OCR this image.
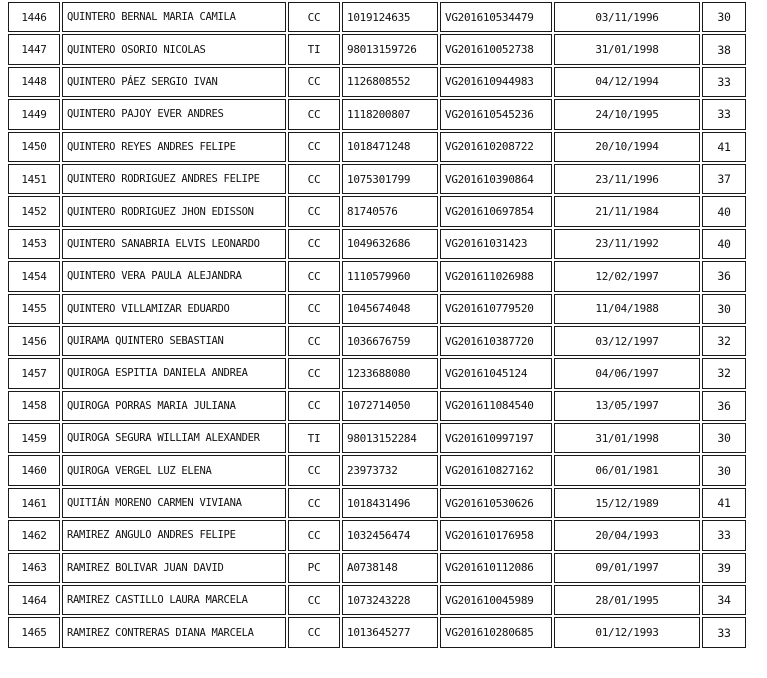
1446	QUINTERO BERNAL MARIA CAMILA	CC	1019124635	VG201610534479	03/11/1996	30
1447	QUINTERO OSORIO NICOLAS	TI	98013159726	VG201610052738	31/01/1998	38
1448	QUINTERO PÁEZ SERGIO IVAN	CC	1126808552	VG201610944983	04/12/1994	33
1449	QUINTERO PAJOY EVER ANDRES	CC	1118200807	VG201610545236	24/10/1995	33
1450	QUINTERO REYES ANDRES FELIPE	CC	1018471248	VG201610208722	20/10/1994	41
1451	QUINTERO RODRIGUEZ ANDRES FELIPE	CC	1075301799	VG201610390864	23/11/1996	37
1452	QUINTERO RODRIGUEZ JHON EDISSON	CC	81740576	VG201610697854	21/11/1984	40
1453	QUINTERO SANABRIA ELVIS LEONARDO	CC	1049632686	VG20161031423	23/11/1992	40
1454	QUINTERO VERA PAULA ALEJANDRA	CC	1110579960	VG201611026988	12/02/1997	36
1455	QUINTERO VILLAMIZAR EDUARDO	CC	1045674048	VG201610779520	11/04/1988	30
1456	QUIRAMA QUINTERO SEBASTIAN	CC	1036676759	VG201610387720	03/12/1997	32
1457	QUIROGA ESPITIA DANIELA ANDREA	CC	1233688080	VG20161045124	04/06/1997	32
1458	QUIROGA PORRAS MARIA JULIANA	CC	1072714050	VG201611084540	13/05/1997	36
1459	QUIROGA SEGURA WILLIAM ALEXANDER	TI	98013152284	VG201610997197	31/01/1998	30
1460	QUIROGA VERGEL LUZ ELENA	CC	23973732	VG201610827162	06/01/1981	30
1461	QUITIÁN MORENO CARMEN VIVIANA	CC	1018431496	VG201610530626	15/12/1989	41
1462	RAMIREZ ANGULO ANDRES FELIPE	CC	1032456474	VG201610176958	20/04/1993	33
1463	RAMIREZ BOLIVAR JUAN DAVID	PC	A0738148	VG201610112086	09/01/1997	39
1464	RAMIREZ CASTILLO LAURA MARCELA	CC	1073243228	VG201610045989	28/01/1995	34
1465	RAMIREZ CONTRERAS DIANA MARCELA	CC	1013645277	VG201610280685	01/12/1993	33
